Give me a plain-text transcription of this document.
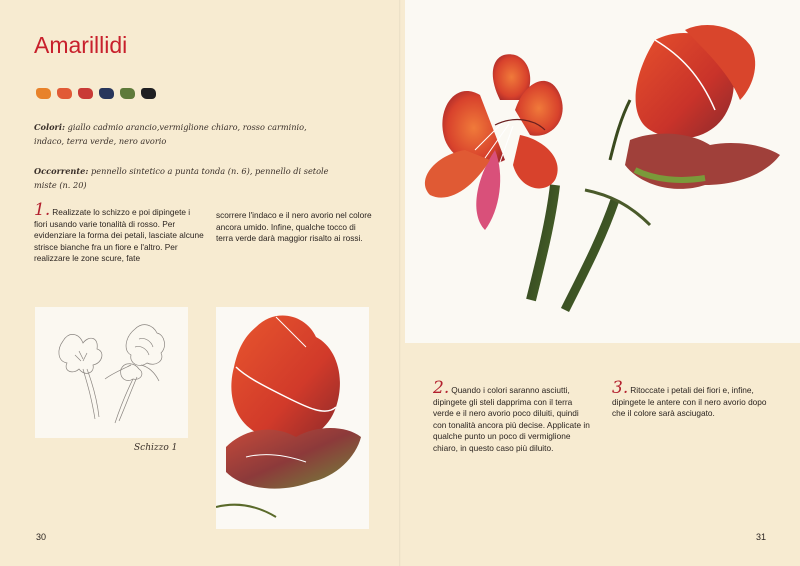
Amarillidi
Colori: giallo cadmio arancio,vermiglione chiaro, rosso carminio, indaco, terra verde, nero avorio
Occorrente: pennello sintetico a punta tonda (n. 6), pennello di setole miste (n. 20)
1. Realizzate lo schizzo e poi dipingete i fiori usando varie tonalità di rosso. Per evidenziare la forma dei petali, lasciate alcune strisce bianche fra un fiore e l'altro. Per realizzare le zone scure, fate
scorrere l'indaco e il nero avorio nel colore ancora umido. Infine, qualche tocco di terra verde darà maggior risalto ai rossi.
Schizzo 1
30
2. Quando i colori saranno asciutti, dipingete gli steli dapprima con il terra verde e il nero avorio poco diluiti, quindi con tonalità ancora più decise. Applicate in qualche punto un poco di vermiglione chiaro, in questo caso più diluito.
3. Ritoccate i petali dei fiori e, infine, dipingete le antere con il nero avorio dopo che il colore sarà asciugato.
31
